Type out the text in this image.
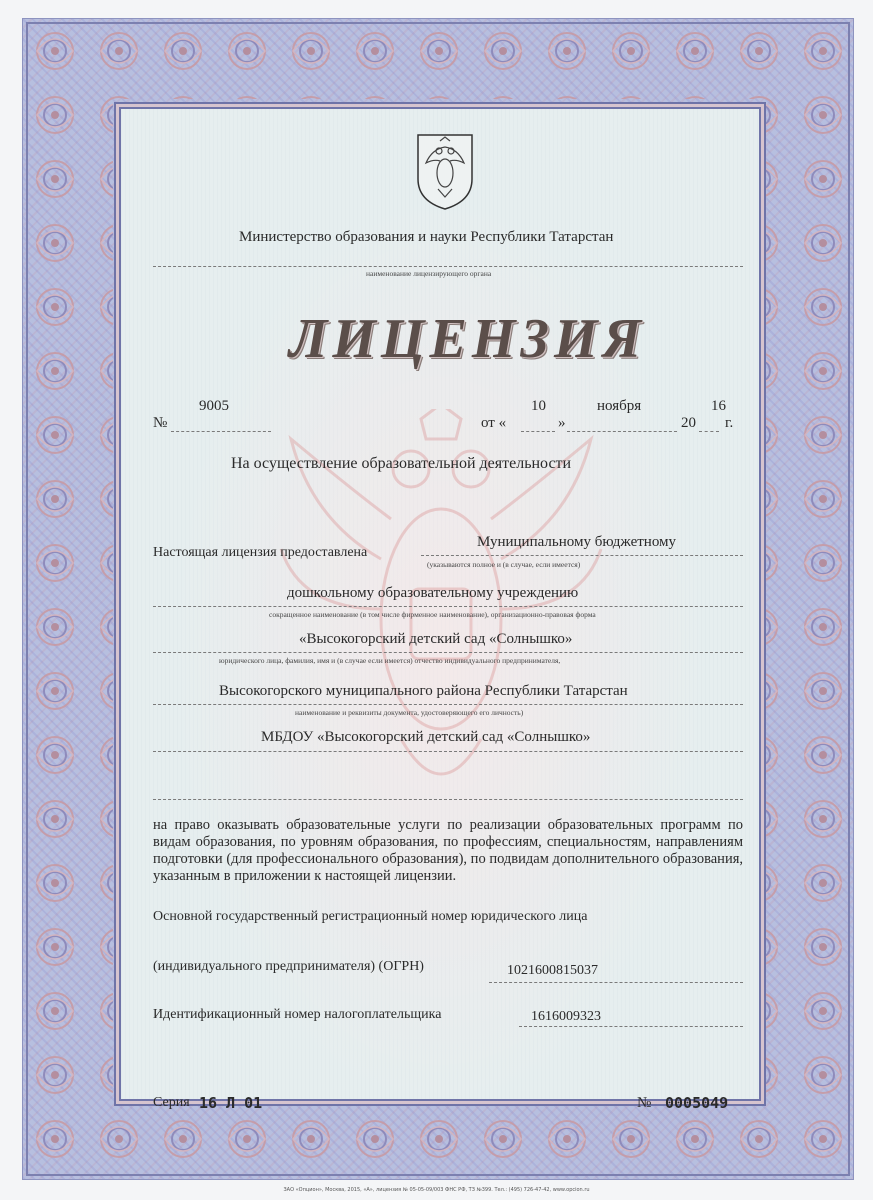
Министерство образования и науки Республики Татарстан
наименование лицензирующего органа
ЛИЦЕНЗИЯ
№
9005
от «
10
»
ноября
20
16
г.
На осуществление образовательной деятельности
Настоящая лицензия предоставлена
Муниципальному бюджетному
(указываются полное и (в случае, если имеется)
дошкольному образовательному учреждению
сокращенное наименование (в том числе фирменное наименование), организационно-правовая форма
«Высокогорский детский сад «Солнышко»
юридического лица, фамилия, имя и (в случае если имеется) отчество индивидуального предпринимателя,
Высокогорского муниципального района Республики Татарстан
наименование и реквизиты документа, удостоверяющего его личность)
МБДОУ «Высокогорский детский сад «Солнышко»
на право оказывать образовательные услуги по реализации образовательных программ по видам образования, по уровням образования, по профессиям, специальностям, направлениям подготовки (для профессионального образования), по подвидам дополнительного образования, указанным в приложении к настоящей лицензии.
Основной государственный регистрационный номер юридического лица
(индивидуального предпринимателя) (ОГРН)	1021600815037
Идентификационный номер налогоплательщика	1616009323
Серия 16 Л 01	№ 0005049
ЗАО «Опцион», Москва, 2015, «А», лицензия № 05-05-09/003 ФНС РФ, ТЗ №399. Тел.: (495) 726-47-42, www.opcion.ru
